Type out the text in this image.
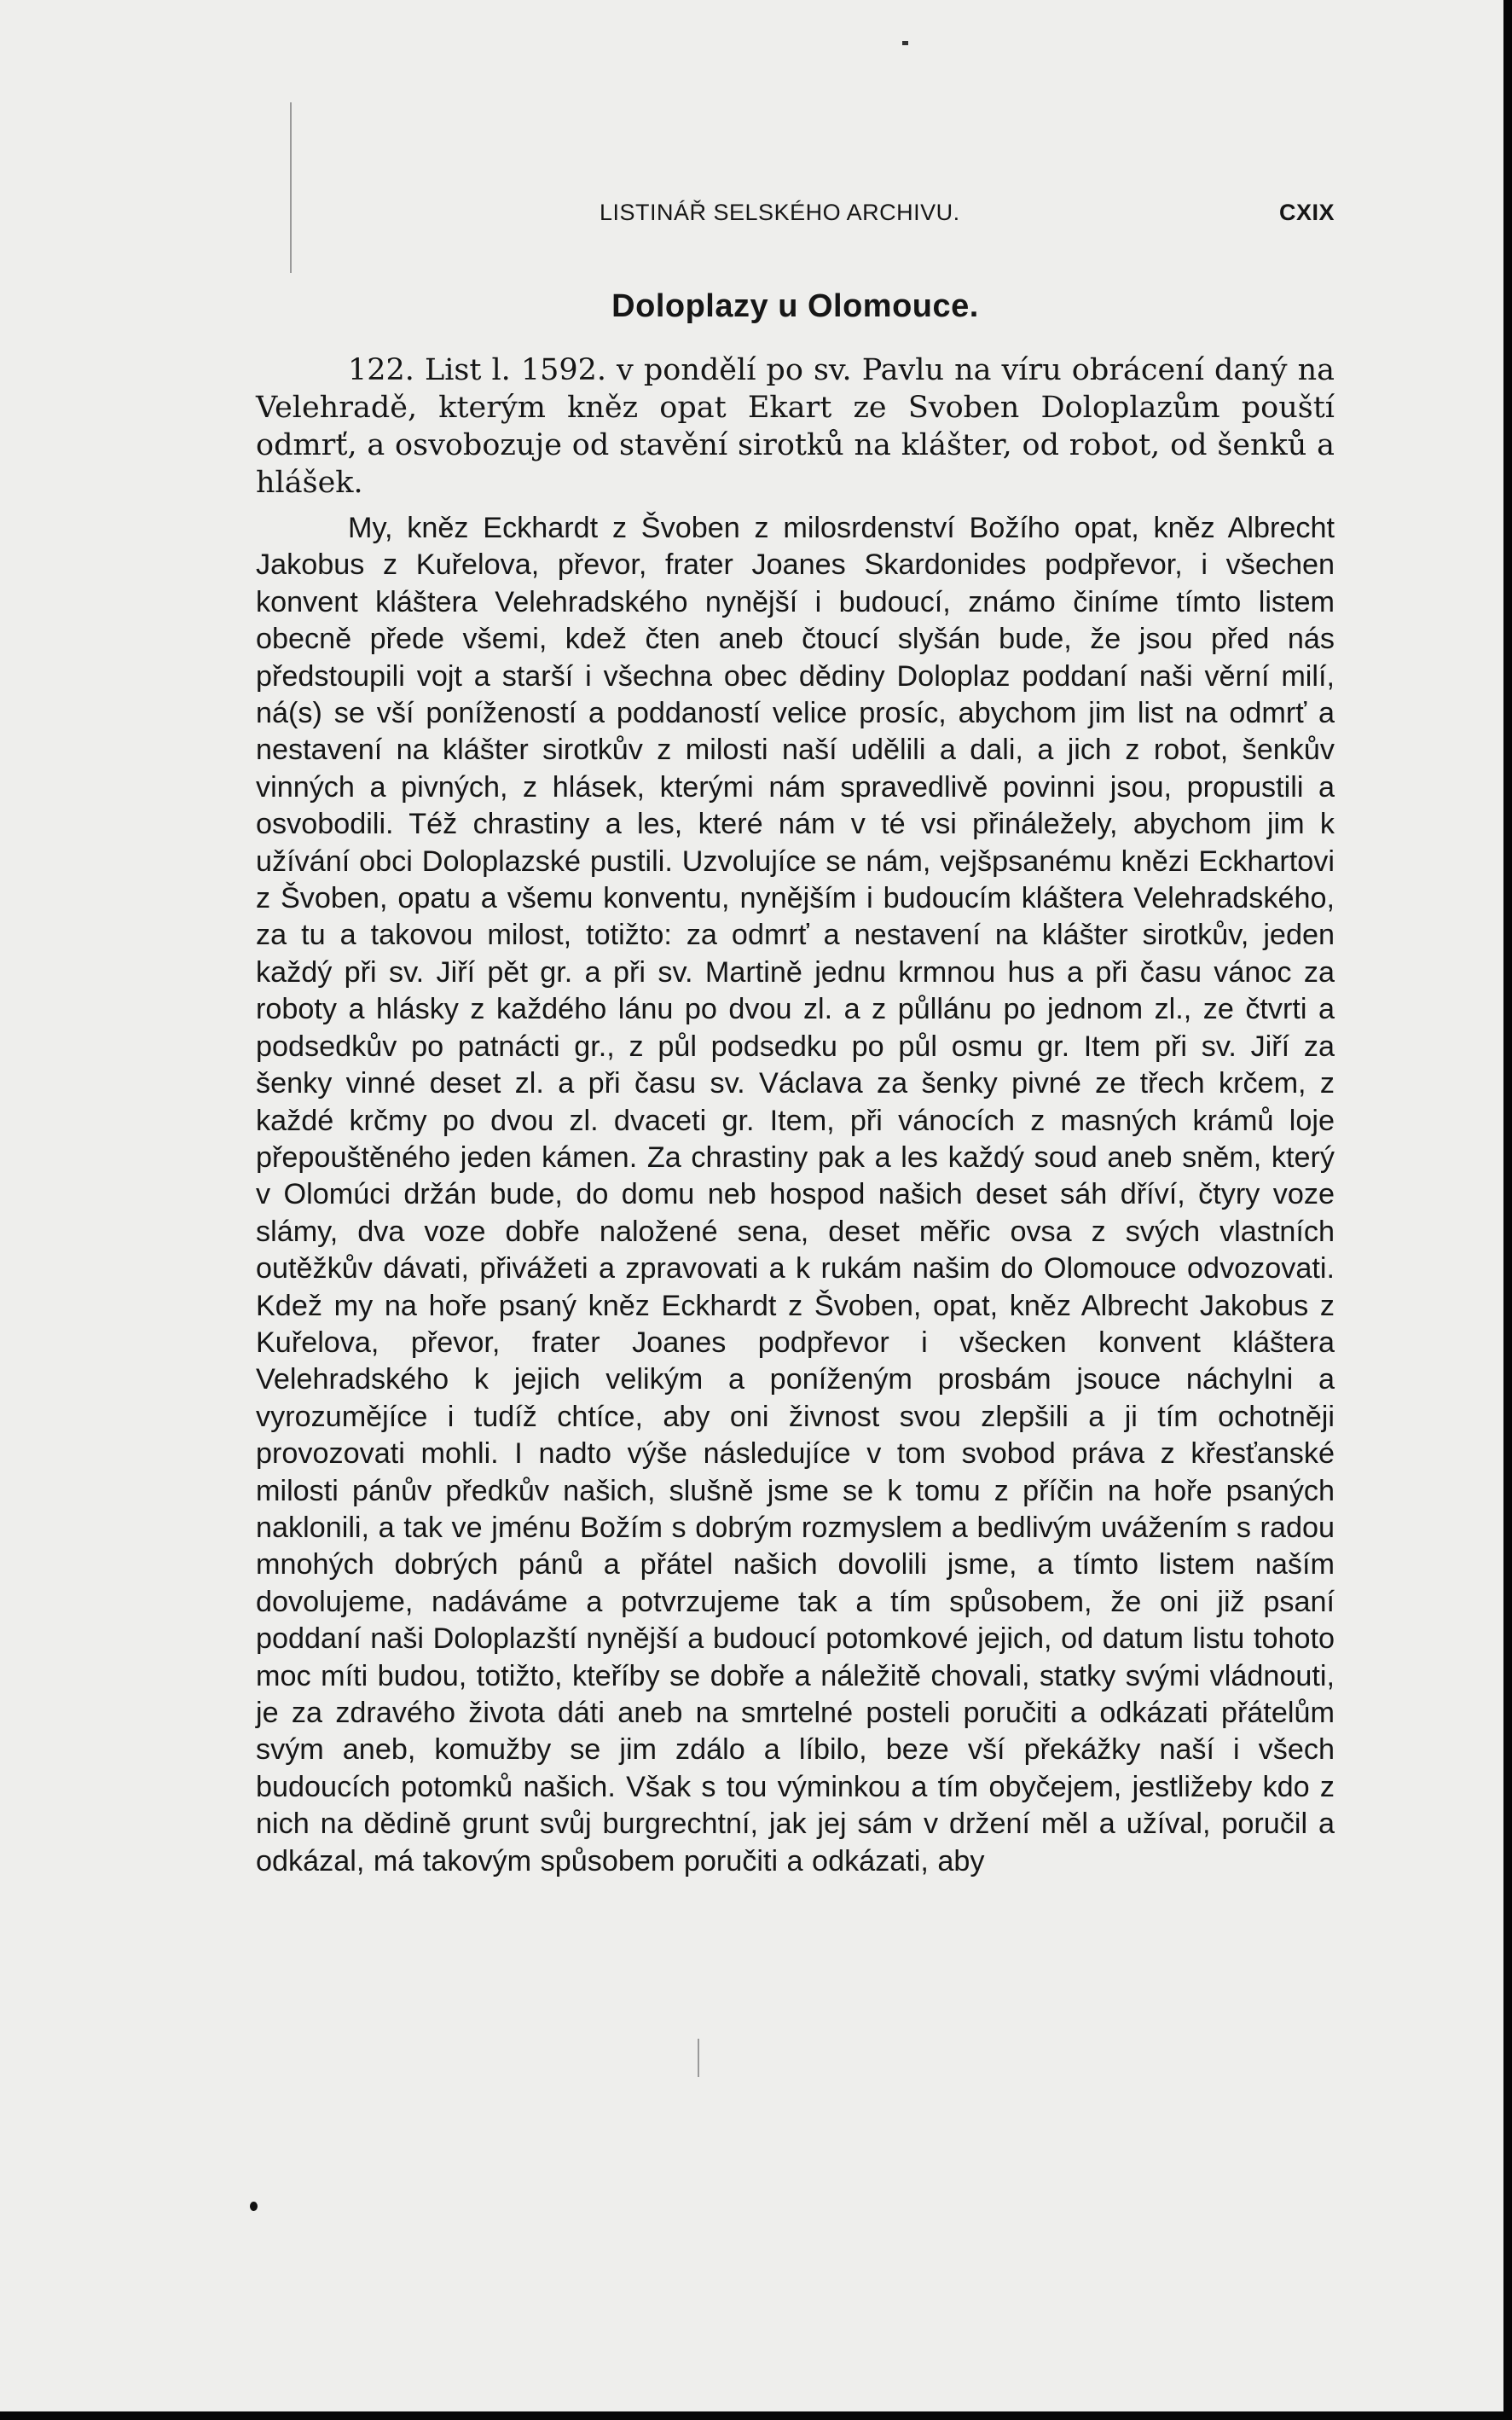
LISTINÁŘ SELSKÉHO ARCHIVU.	CXIX
Doloplazy u Olomouce.

122. List l. 1592. v pondělí po sv. Pavlu na víru obrácení daný na Velehradě, kterým kněz opat Ekart ze Svoben Doloplazům pouští odmrť, a osvobozuje od stavění sirotků na klášter, od robot, od šenků a hlášek.

My, kněz Eckhardt z Švoben z milosrdenství Božího opat, kněz Albrecht Jakobus z Kuřelova, převor, frater Joanes Skardonides podpřevor, i všechen konvent kláštera Velehradského nynější i budoucí, známo činíme tímto listem obecně přede všemi, kdež čten aneb čtoucí slyšán bude, že jsou před nás předstoupili vojt a starší i všechna obec dědiny Doloplaz poddaní naši věrní milí, ná(s) se vší ponížeností a poddaností velice prosíc, abychom jim list na odmrť a nestavení na klášter sirotkův z milosti naší udělili a dali, a jich z robot, šenkův vinných a pivných, z hlásek, kterými nám spravedlivě povinni jsou, propustili a osvobodili. Též chrastiny a les, které nám v té vsi přináležely, abychom jim k užívání obci Doloplazské pustili. Uzvolujíce se nám, vejšpsanému knězi Eckhartovi z Švoben, opatu a všemu konventu, nynějším i budoucím kláštera Velehradského, za tu a takovou milost, totižto: za odmrť a nestavení na klášter sirotkův, jeden každý při sv. Jiří pět gr. a při sv. Martině jednu krmnou hus a při času vánoc za roboty a hlásky z každého lánu po dvou zl. a z půllánu po jednom zl., ze čtvrti a podsedkův po patnácti gr., z půl podsedku po půl osmu gr. Item při sv. Jiří za šenky vinné deset zl. a při času sv. Václava za šenky pivné ze třech krčem, z každé krčmy po dvou zl. dvaceti gr. Item, při vánocích z masných krámů loje přepouštěného jeden kámen. Za chrastiny pak a les každý soud aneb sněm, který v Olomúci držán bude, do domu neb hospod našich deset sáh dříví, čtyry voze slámy, dva voze dobře naložené sena, deset měřic ovsa z svých vlastních outěžkův dávati, přivážeti a zpravovati a k rukám našim do Olomouce odvozovati. Kdež my na hoře psaný kněz Eckhardt z Švoben, opat, kněz Albrecht Jakobus z Kuřelova, převor, frater Joanes podpřevor i všecken konvent kláštera Velehradského k jejich velikým a poníženým prosbám jsouce náchylni a vyrozumějíce i tudíž chtíce, aby oni živnost svou zlepšili a ji tím ochotněji provozovati mohli. I nadto výše následujíce v tom svobod práva z křesťanské milosti pánův předkův našich, slušně jsme se k tomu z příčin na hoře psaných naklonili, a tak ve jménu Božím s dobrým rozmyslem a bedlivým uvážením s radou mnohých dobrých pánů a přátel našich dovolili jsme, a tímto listem naším dovolujeme, nadáváme a potvrzujeme tak a tím spůsobem, že oni již psaní poddaní naši Doloplazští nynější a budoucí potomkové jejich, od datum listu tohoto moc míti budou, totižto, kteříby se dobře a náležitě chovali, statky svými vládnouti, je za zdravého života dáti aneb na smrtelné posteli poručiti a odkázati přátelům svým aneb, komužby se jim zdálo a líbilo, beze vší překážky naší i všech budoucích potomků našich. Však s tou výminkou a tím obyčejem, jestližeby kdo z nich na dědině grunt svůj burgrechtní, jak jej sám v držení měl a užíval, poručil a odkázal, má takovým spůsobem poručiti a odkázati, aby
